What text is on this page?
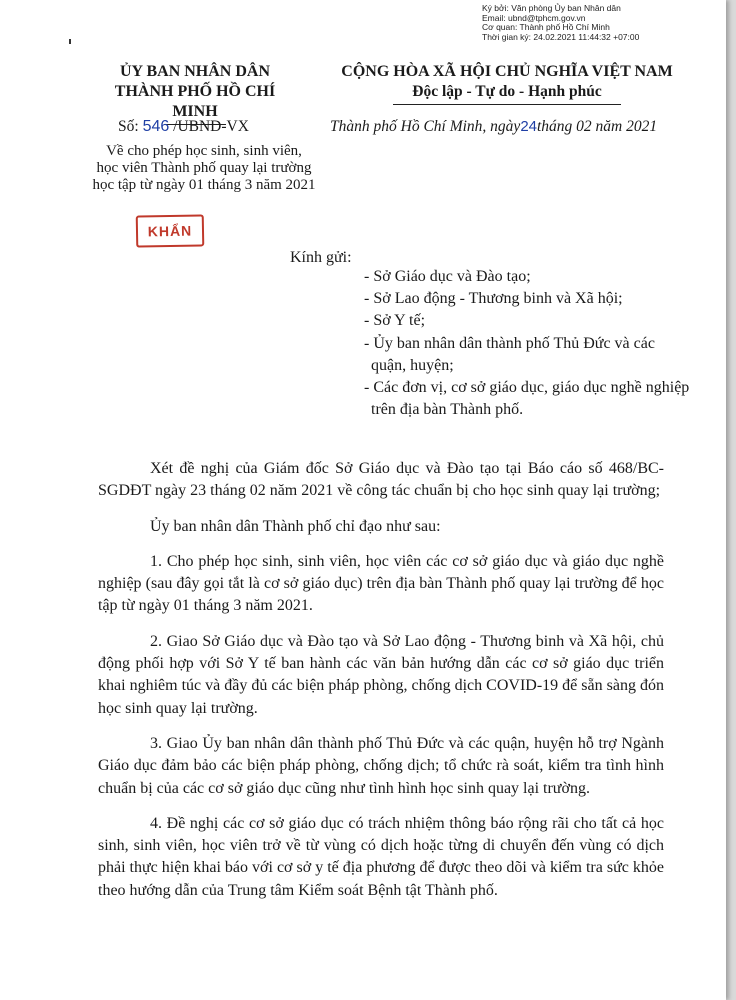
Ký bởi: Văn phòng Ủy ban Nhân dân
Email: ubnd@tphcm.gov.vn
Cơ quan: Thành phố Hồ Chí Minh
Thời gian ký: 24.02.2021 11:44:32 +07:00
ỦY BAN NHÂN DÂN
THÀNH PHỐ HỒ CHÍ MINH
CỘNG HÒA XÃ HỘI CHỦ NGHĨA VIỆT NAM
Độc lập - Tự do - Hạnh phúc
Số: 546 /UBND-VX	Thành phố Hồ Chí Minh, ngày24tháng 02 năm 2021
Về cho phép học sinh, sinh viên,
học viên Thành phố quay lại trường
học tập từ ngày 01 tháng 3 năm 2021
KHẨN
Kính gửi:
- Sở Giáo dục và Đào tạo;
- Sở Lao động - Thương binh và Xã hội;
- Sở Y tế;
- Ủy ban nhân dân thành phố Thủ Đức và các quận, huyện;
- Các đơn vị, cơ sở giáo dục, giáo dục nghề nghiệp trên địa bàn Thành phố.

Xét đề nghị của Giám đốc Sở Giáo dục và Đào tạo tại Báo cáo số 468/BC-SGDĐT ngày 23 tháng 02 năm 2021 về công tác chuẩn bị cho học sinh quay lại trường;

Ủy ban nhân dân Thành phố chỉ đạo như sau:

1. Cho phép học sinh, sinh viên, học viên các cơ sở giáo dục và giáo dục nghề nghiệp (sau đây gọi tắt là cơ sở giáo dục) trên địa bàn Thành phố quay lại trường để học tập từ ngày 01 tháng 3 năm 2021.

2. Giao Sở Giáo dục và Đào tạo và Sở Lao động - Thương binh và Xã hội, chủ động phối hợp với Sở Y tế ban hành các văn bản hướng dẫn các cơ sở giáo dục triển khai nghiêm túc và đầy đủ các biện pháp phòng, chống dịch COVID-19 để sẵn sàng đón học sinh quay lại trường.

3. Giao Ủy ban nhân dân thành phố Thủ Đức và các quận, huyện hỗ trợ Ngành Giáo dục đảm bảo các biện pháp phòng, chống dịch; tổ chức rà soát, kiểm tra tình hình chuẩn bị của các cơ sở giáo dục cũng như tình hình học sinh quay lại trường.

4. Đề nghị các cơ sở giáo dục có trách nhiệm thông báo rộng rãi cho tất cả học sinh, sinh viên, học viên trở về từ vùng có dịch hoặc từng di chuyển đến vùng có dịch phải thực hiện khai báo với cơ sở y tế địa phương để được theo dõi và kiểm tra sức khỏe theo hướng dẫn của Trung tâm Kiểm soát Bệnh tật Thành phố.
